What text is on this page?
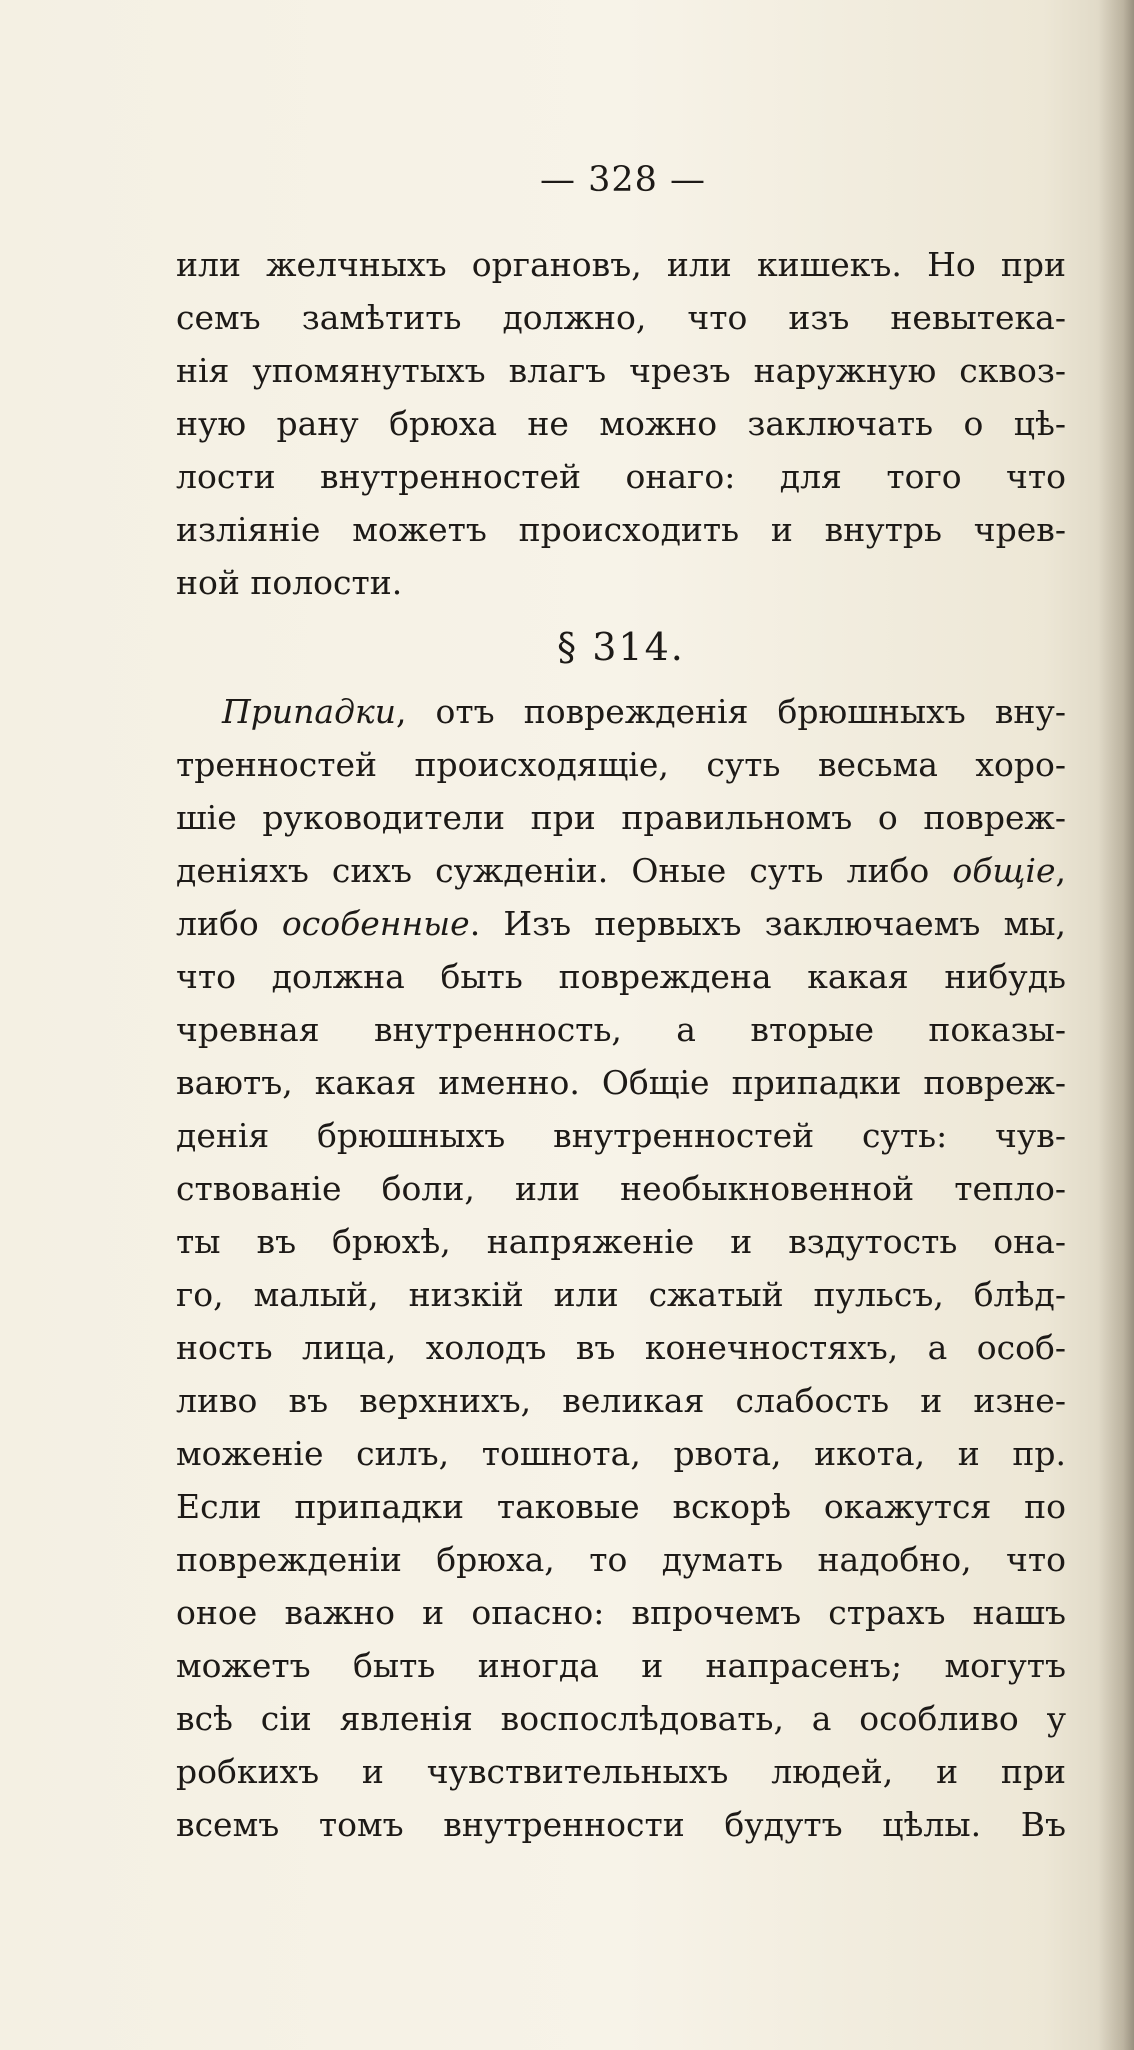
— 328 —
или желчныхъ органовъ, или кишекъ. Но при
семъ замѣтить должно, что изъ невытека-
нія упомянутыхъ влагъ чрезъ наружную сквоз-
ную рану брюха не можно заключать о цѣ-
лости внутренностей онаго: для того что
изліяніе можетъ происходить и внутрь чрев-
ной полости.
§ 314.
Припадки, отъ поврежденія брюшныхъ вну-
тренностей происходящіе, суть весьма хоро-
шіе руководители при правильномъ о повреж-
деніяхъ сихъ сужденіи. Оные суть либо общіе,
либо особенные. Изъ первыхъ заключаемъ мы,
что должна быть повреждена какая нибудь
чревная внутренность, а вторые показы-
ваютъ, какая именно. Общіе припадки повреж-
денія брюшныхъ внутренностей суть: чув-
ствованіе боли, или необыкновенной теплo-
ты въ брюхѣ, напряженіе и вздутость она-
го, малый, низкій или сжатый пульсъ, блѣд-
ность лица, холодъ въ конечностяхъ, а особ-
ливо въ верхнихъ, великая слабость и изне-
моженіе силъ, тошнота, рвота, икота, и пр.
Если припадки таковые вскорѣ окажутся по
поврежденіи брюха, то думать надобно, что
оное важно и опасно: впрочемъ страхъ нашъ
можетъ быть иногда и напрасенъ; могутъ
всѣ сіи явленія воспослѣдовать, а особливо у
робкихъ и чувствительныхъ людей, и при
всемъ томъ внутренности будутъ цѣлы. Въ
